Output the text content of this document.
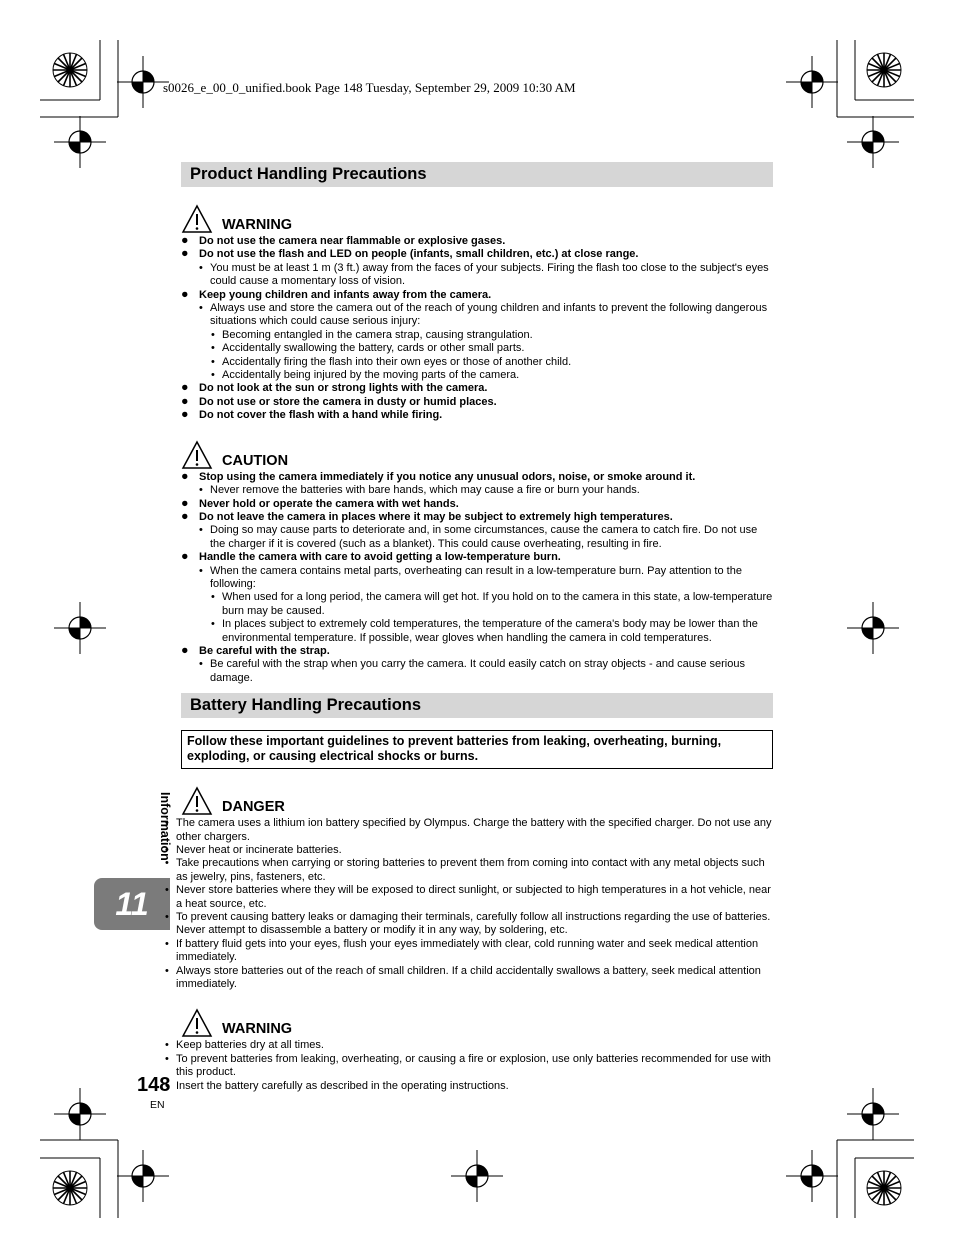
s0026_e_00_0_unified.book Page 148 Tuesday, September 29, 2009 10:30 AM
Information
11
148
EN
Product Handling Precautions
WARNING
● Do not use the camera near flammable or explosive gases.
● Do not use the flash and LED on people (infants, small children, etc.) at close range.
• You must be at least 1 m (3 ft.) away from the faces of your subjects. Firing the flash too close to the subject's eyes could cause a momentary loss of vision.
● Keep young children and infants away from the camera.
• Always use and store the camera out of the reach of young children and infants to prevent the following dangerous situations which could cause serious injury:
• Becoming entangled in the camera strap, causing strangulation.
• Accidentally swallowing the battery, cards or other small parts.
• Accidentally firing the flash into their own eyes or those of another child.
• Accidentally being injured by the moving parts of the camera.
● Do not look at the sun or strong lights with the camera.
● Do not use or store the camera in dusty or humid places.
● Do not cover the flash with a hand while firing.
CAUTION
● Stop using the camera immediately if you notice any unusual odors, noise, or smoke around it.
• Never remove the batteries with bare hands, which may cause a fire or burn your hands.
● Never hold or operate the camera with wet hands.
● Do not leave the camera in places where it may be subject to extremely high temperatures.
• Doing so may cause parts to deteriorate and, in some circumstances, cause the camera to catch fire. Do not use the charger if it is covered (such as a blanket). This could cause overheating, resulting in fire.
● Handle the camera with care to avoid getting a low-temperature burn.
• When the camera contains metal parts, overheating can result in a low-temperature burn. Pay attention to the following:
• When used for a long period, the camera will get hot. If you hold on to the camera in this state, a low-temperature burn may be caused.
• In places subject to extremely cold temperatures, the temperature of the camera's body may be lower than the environmental temperature. If possible, wear gloves when handling the camera in cold temperatures.
● Be careful with the strap.
• Be careful with the strap when you carry the camera. It could easily catch on stray objects - and cause serious damage.
Battery Handling Precautions
Follow these important guidelines to prevent batteries from leaking, overheating, burning, exploding, or causing electrical shocks or burns.
DANGER
• The camera uses a lithium ion battery specified by Olympus. Charge the battery with the specified charger. Do not use any other chargers.
• Never heat or incinerate batteries.
• Take precautions when carrying or storing batteries to prevent them from coming into contact with any metal objects such as jewelry, pins, fasteners, etc.
• Never store batteries where they will be exposed to direct sunlight, or subjected to high temperatures in a hot vehicle, near a heat source, etc.
• To prevent causing battery leaks or damaging their terminals, carefully follow all instructions regarding the use of batteries. Never attempt to disassemble a battery or modify it in any way, by soldering, etc.
• If battery fluid gets into your eyes, flush your eyes immediately with clear, cold running water and seek medical attention immediately.
• Always store batteries out of the reach of small children. If a child accidentally swallows a battery, seek medical attention immediately.
WARNING
• Keep batteries dry at all times.
• To prevent batteries from leaking, overheating, or causing a fire or explosion, use only batteries recommended for use with this product.
• Insert the battery carefully as described in the operating instructions.
